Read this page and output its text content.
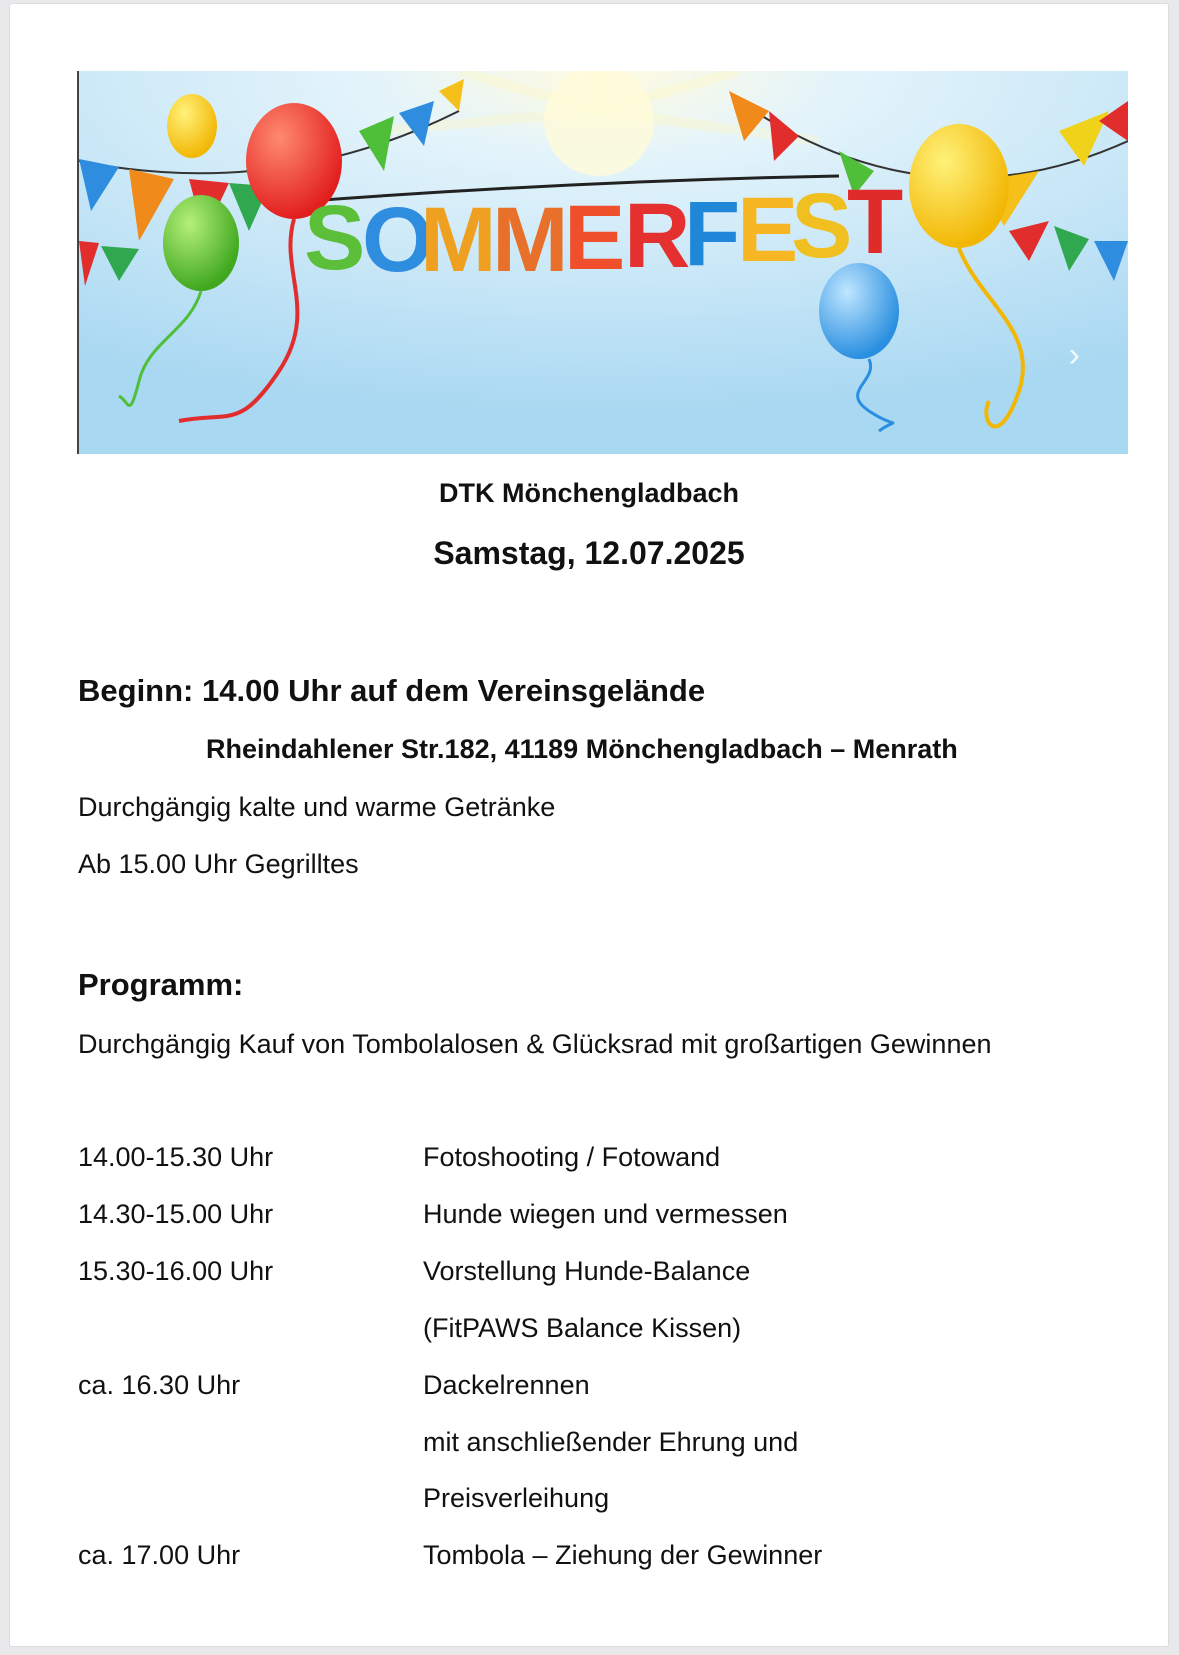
S
O
M
M
E
R
F
E
S
T
›
DTK Mönchengladbach
Samstag, 12.07.2025
Beginn: 14.00 Uhr auf dem Vereinsgelände
Rheindahlener Str.182, 41189 Mönchengladbach – Menrath
Durchgängig kalte und warme Getränke
Ab 15.00 Uhr Gegrilltes
Programm:
Durchgängig Kauf von Tombolalosen & Glücksrad mit großartigen Gewinnen
14.00-15.30 Uhr	Fotoshooting / Fotowand
14.30-15.00 Uhr	Hunde wiegen und vermessen
15.30-16.00 Uhr	Vorstellung Hunde-Balance
(FitPAWS Balance Kissen)
ca. 16.30 Uhr	Dackelrennen
mit anschließender Ehrung und
Preisverleihung
ca. 17.00 Uhr	Tombola – Ziehung der Gewinner
